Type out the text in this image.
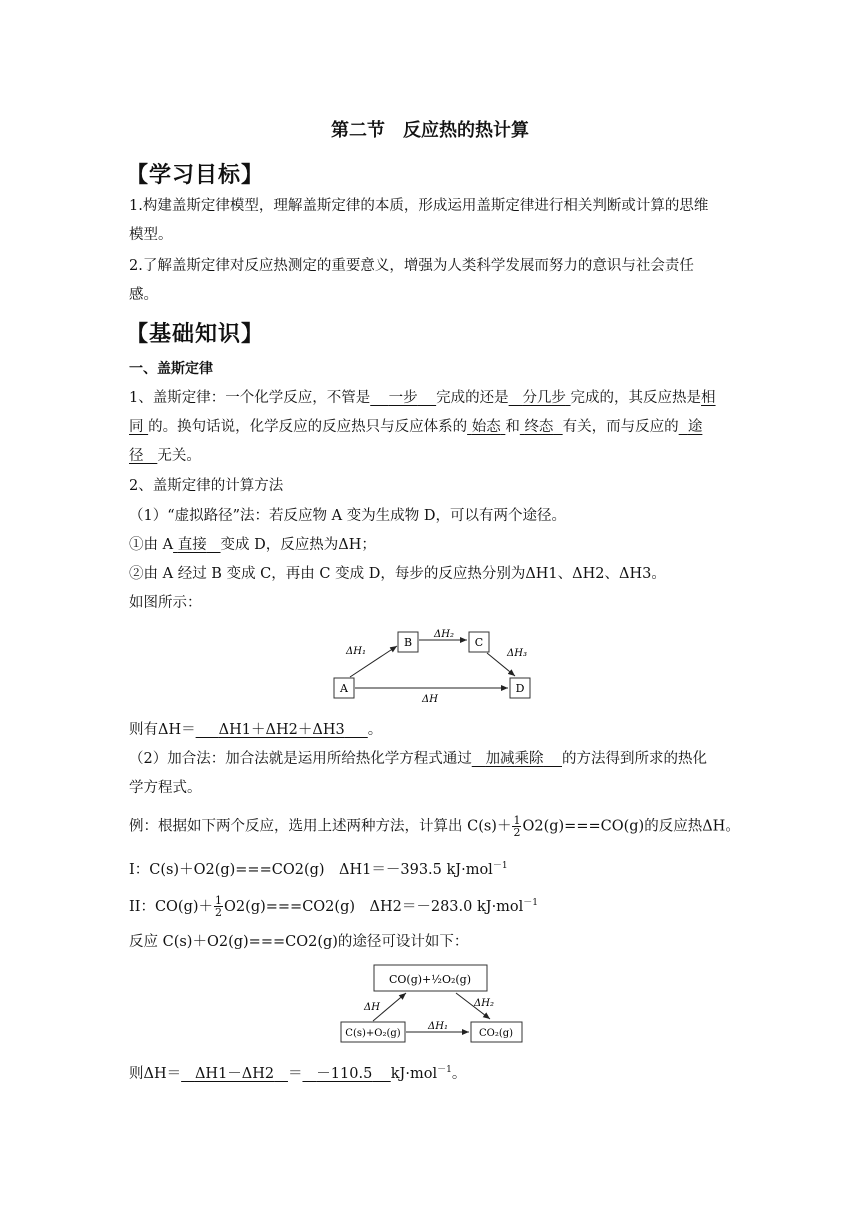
第二节　反应热的热计算
【学习目标】
1.构建盖斯定律模型，理解盖斯定律的本质，形成运用盖斯定律进行相关判断或计算的思维
模型。
2.了解盖斯定律对反应热测定的重要意义，增强为人类科学发展而努力的意识与社会责任
感。
【基础知识】
一、盖斯定律
1、盖斯定律：一个化学反应，不管是 一步 完成的还是 分几步 完成的，其反应热是相
同 的。换句话说，化学反应的反应热只与反应体系的 始态 和 终态 有关，而与反应的 途
径 无关。
2、盖斯定律的计算方法
（1）“虚拟路径”法：若反应物 A 变为生成物 D，可以有两个途径。
①由 A 直接 变成 D，反应热为ΔH；
②由 A 经过 B 变成 C，再由 C 变成 D，每步的反应热分别为ΔH1、ΔH2、ΔH3。
如图所示：
B	C
A	D
ΔH₁
ΔH₂
ΔH₃
ΔH
则有ΔH＝ ΔH1＋ΔH2＋ΔH3 。
（2）加合法：加合法就是运用所给热化学方程式通过 加减乘除 的方法得到所求的热化
学方程式。
例：根据如下两个反应，选用上述两种方法，计算出 $C(s)+ \frac{1}{2} O2(g)===CO(g)$的反应热ΔH。
I：C(s)＋O2(g)===CO2(g)　ΔH1＝－393.5 kJ·mol$^{-1}$
II：$CO(g)+ \frac{1}{2} O2(g)===CO2(g)$　ΔH2＝－283.0 kJ·mol$^{-1}$
反应 C(s)＋O2(g)===CO2(g)的途径可设计如下：
CO(g)+½O₂(g)
C(s)+O₂(g)	CO₂(g)
ΔH	ΔH₂
ΔH₁
则ΔH＝ ΔH1－ΔH2 ＝ －110.5 kJ·mol$^{-1}$。
